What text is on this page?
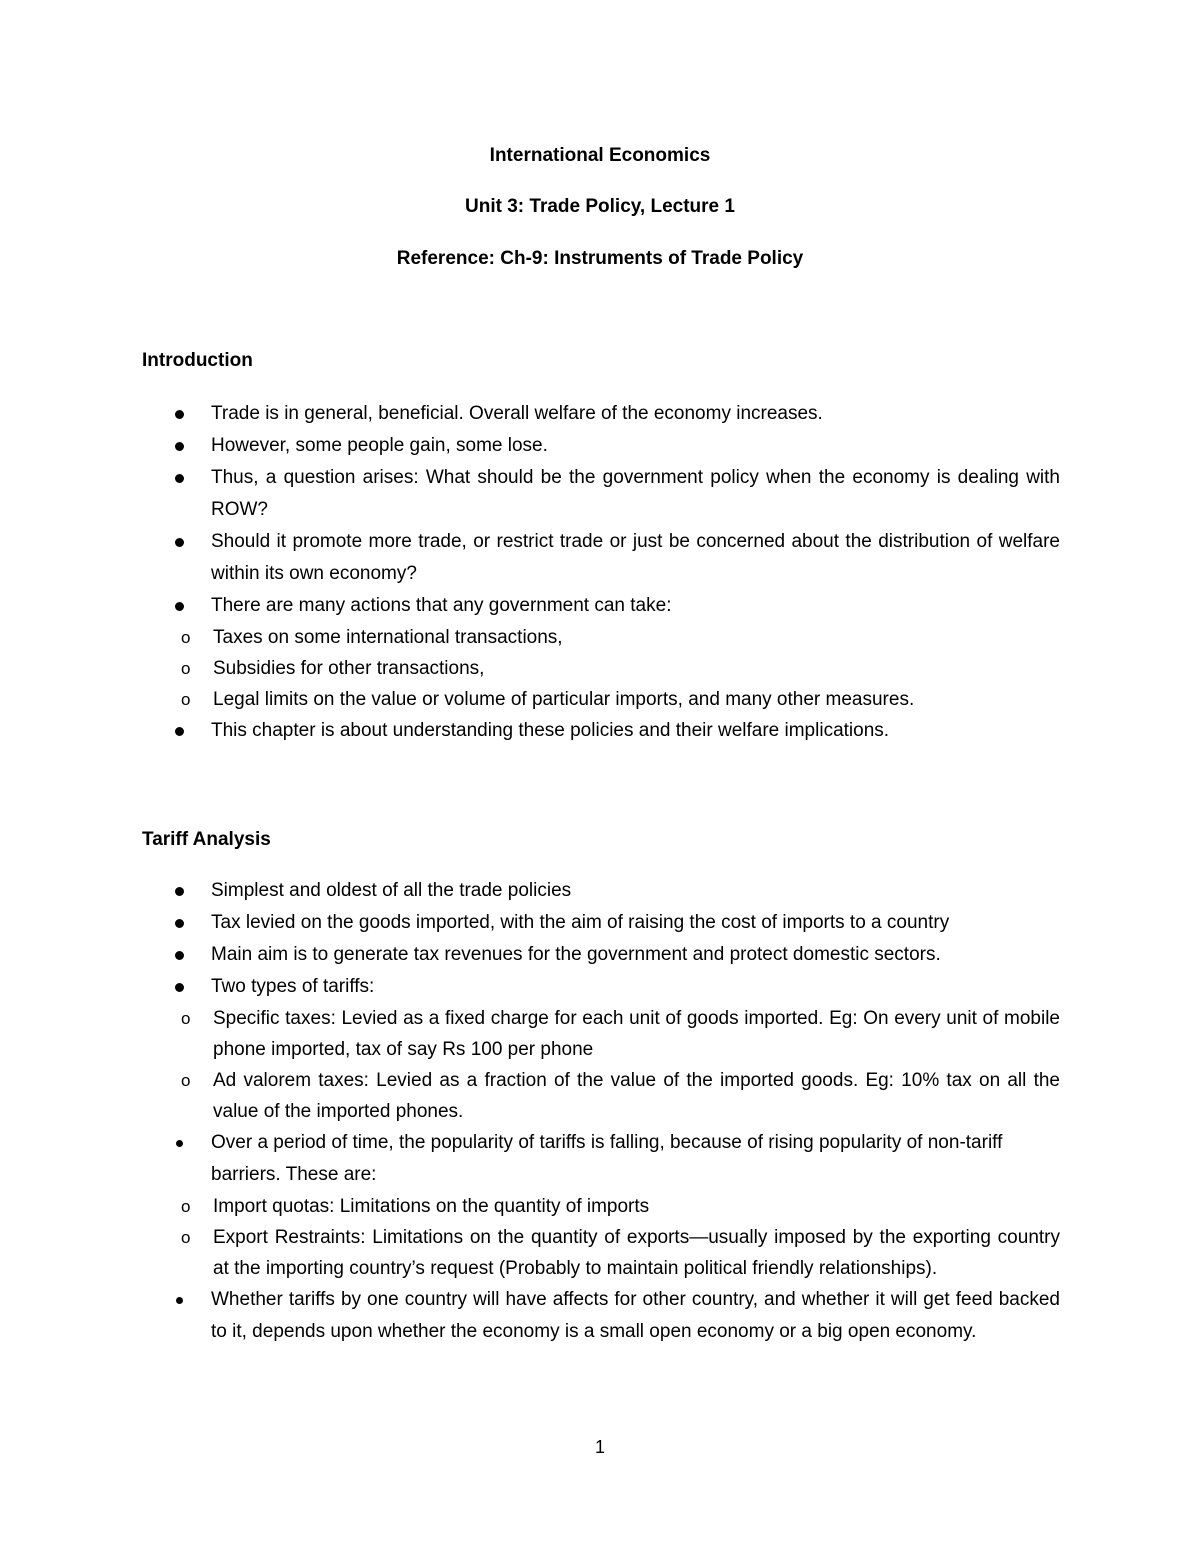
International Economics
Unit 3: Trade Policy, Lecture 1
Reference: Ch-9: Instruments of Trade Policy
Introduction
Trade is in general, beneficial. Overall welfare of the economy increases.
However, some people gain, some lose.
Thus, a question arises: What should be the government policy when the economy is dealing with ROW?
Should it promote more trade, or restrict trade or just be concerned about the distribution of welfare within its own economy?
There are many actions that any government can take:
o Taxes on some international transactions,
o Subsidies for other transactions,
o Legal limits on the value or volume of particular imports, and many other measures.
This chapter is about understanding these policies and their welfare implications.
Tariff Analysis
Simplest and oldest of all the trade policies
Tax levied on the goods imported, with the aim of raising the cost of imports to a country
Main aim is to generate tax revenues for the government and protect domestic sectors.
Two types of tariffs:
o Specific taxes: Levied as a fixed charge for each unit of goods imported. Eg: On every unit of mobile phone imported, tax of say Rs 100 per phone
o Ad valorem taxes: Levied as a fraction of the value of the imported goods. Eg: 10% tax on all the value of the imported phones.
Over a period of time, the popularity of tariffs is falling, because of rising popularity of non-tariff barriers. These are:
o Import quotas: Limitations on the quantity of imports
o Export Restraints: Limitations on the quantity of exports—usually imposed by the exporting country at the importing country’s request (Probably to maintain political friendly relationships).
Whether tariffs by one country will have affects for other country, and whether it will get feed backed to it, depends upon whether the economy is a small open economy or a big open economy.
1
